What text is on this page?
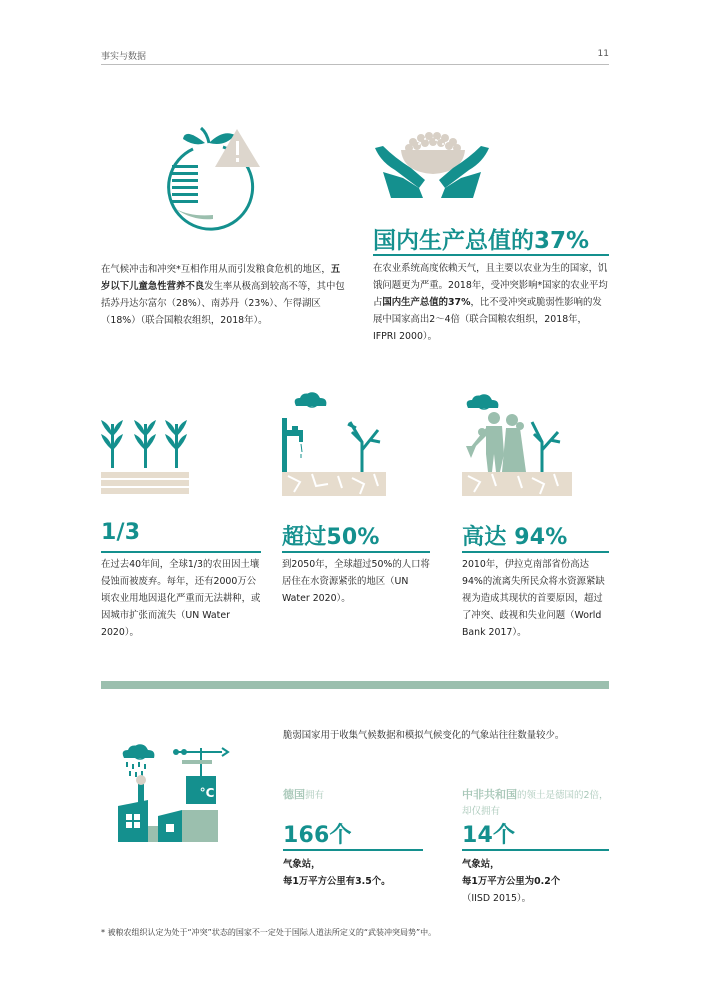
事实与数据	11
在气候冲击和冲突*互相作用从而引发粮食危机的地区，五岁以下儿童急性营养不良发生率从极高到较高不等，其中包括苏丹达尔富尔（28%）、南苏丹（23%）、乍得湖区（18%）（联合国粮农组织，2018年）。
国内生产总值的37%
在农业系统高度依赖天气，且主要以农业为生的国家，饥饿问题更为严重。2018年，受冲突影响*国家的农业平均占国内生产总值的37%，比不受冲突或脆弱性影响的发展中国家高出2～4倍（联合国粮农组织，2018年，IFPRI 2000）。
1/3
在过去40年间，全球1/3的农田因土壤侵蚀而被废弃。每年，还有2000万公顷农业用地因退化严重而无法耕种，或因城市扩张而流失（UN Water 2020）。
超过50%
到2050年，全球超过50%的人口将居住在水资源紧张的地区（UN Water 2020）。
高达 94%
2010年，伊拉克南部省份高达94%的流离失所民众将水资源紧缺视为造成其现状的首要原因，超过了冲突、歧视和失业问题（World Bank 2017）。
°C
脆弱国家用于收集气候数据和模拟气候变化的气象站往往数量较少。
德国拥有
166个
气象站，
每1万平方公里有3.5个。
中非共和国的领土是德国的2倍，却仅拥有
14个
气象站，
每1万平方公里为0.2个
（IISD 2015）。
* 被粮农组织认定为处于“冲突”状态的国家不一定处于国际人道法所定义的“武装冲突局势”中。
